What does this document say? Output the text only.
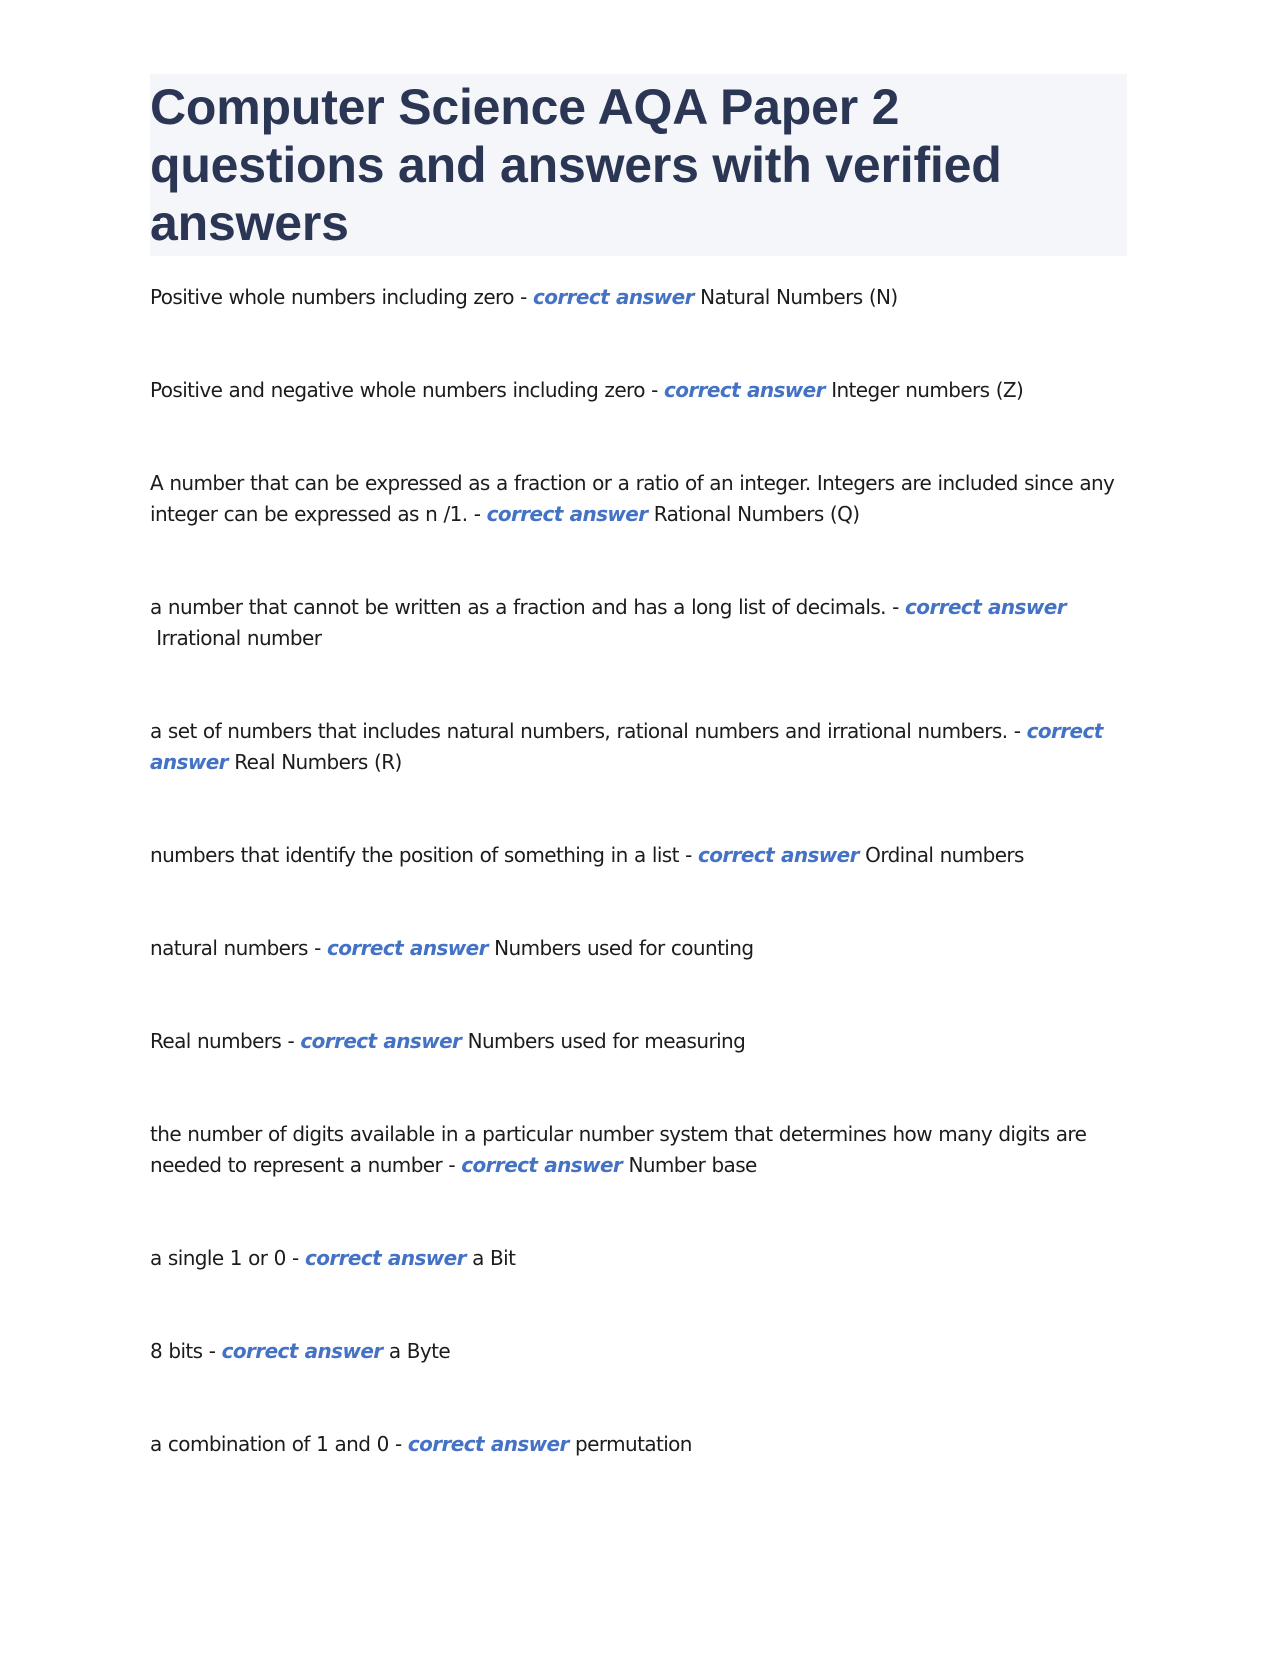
Computer Science AQA Paper 2 questions and answers with verified answers

Positive whole numbers including zero - correct answer Natural Numbers (N)

Positive and negative whole numbers including zero - correct answer Integer numbers (Z)

A number that can be expressed as a fraction or a ratio of an integer. Integers are included since any integer can be expressed as n /1. - correct answer Rational Numbers (Q)

a number that cannot be written as a fraction and has a long list of decimals. - correct answer Irrational number

a set of numbers that includes natural numbers, rational numbers and irrational numbers. - correct answer Real Numbers (R)

numbers that identify the position of something in a list - correct answer Ordinal numbers

natural numbers - correct answer Numbers used for counting

Real numbers - correct answer Numbers used for measuring

the number of digits available in a particular number system that determines how many digits are needed to represent a number - correct answer Number base

a single 1 or 0 - correct answer a Bit

8 bits - correct answer a Byte

a combination of 1 and 0 - correct answer permutation
